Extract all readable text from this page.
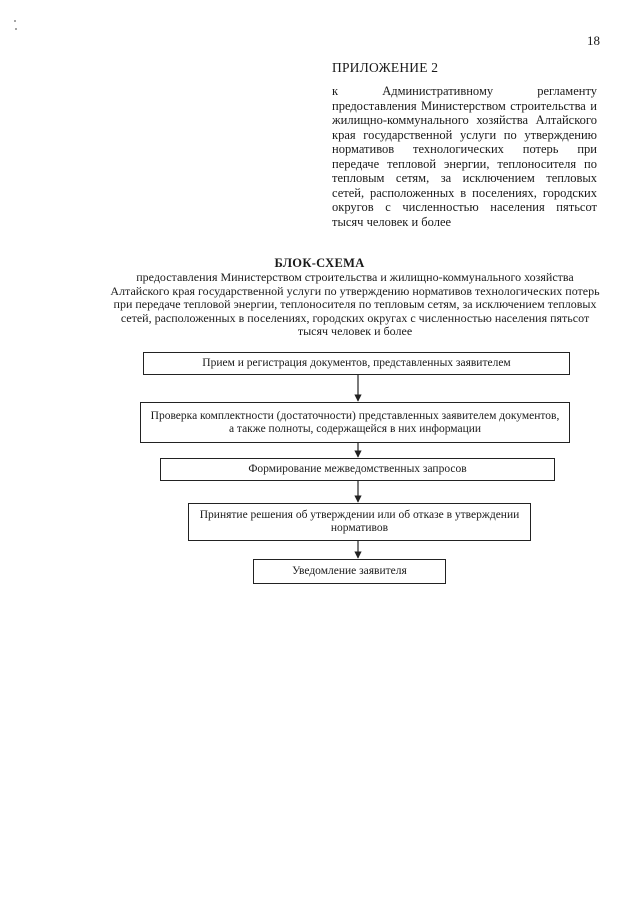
18
ПРИЛОЖЕНИЕ 2
к Административному регламенту предоставления Министерством строительства и жилищно-коммунального хозяйства Алтайского края государственной услуги по утверждению нормативов технологических потерь при передаче тепловой энергии, теплоносителя по тепловым сетям, за исключением тепловых сетей, расположенных в поселениях, городских округов с численностью населения пятьсот тысяч человек и более
БЛОК-СХЕМА
предоставления Министерством строительства и жилищно-коммунального хозяйства Алтайского края государственной услуги по утверждению нормативов технологических потерь при передаче тепловой энергии, теплоносителя по тепловым сетям, за исключением тепловых сетей, расположенных в поселениях, городских округах с численностью населения пятьсот тысяч человек и более
Прием и регистрация документов, представленных заявителем
Проверка комплектности (достаточности) представленных заявителем документов, а также полноты, содержащейся в них информации
Формирование межведомственных запросов
Принятие решения об утверждении или об отказе в утверждении нормативов
Уведомление заявителя
